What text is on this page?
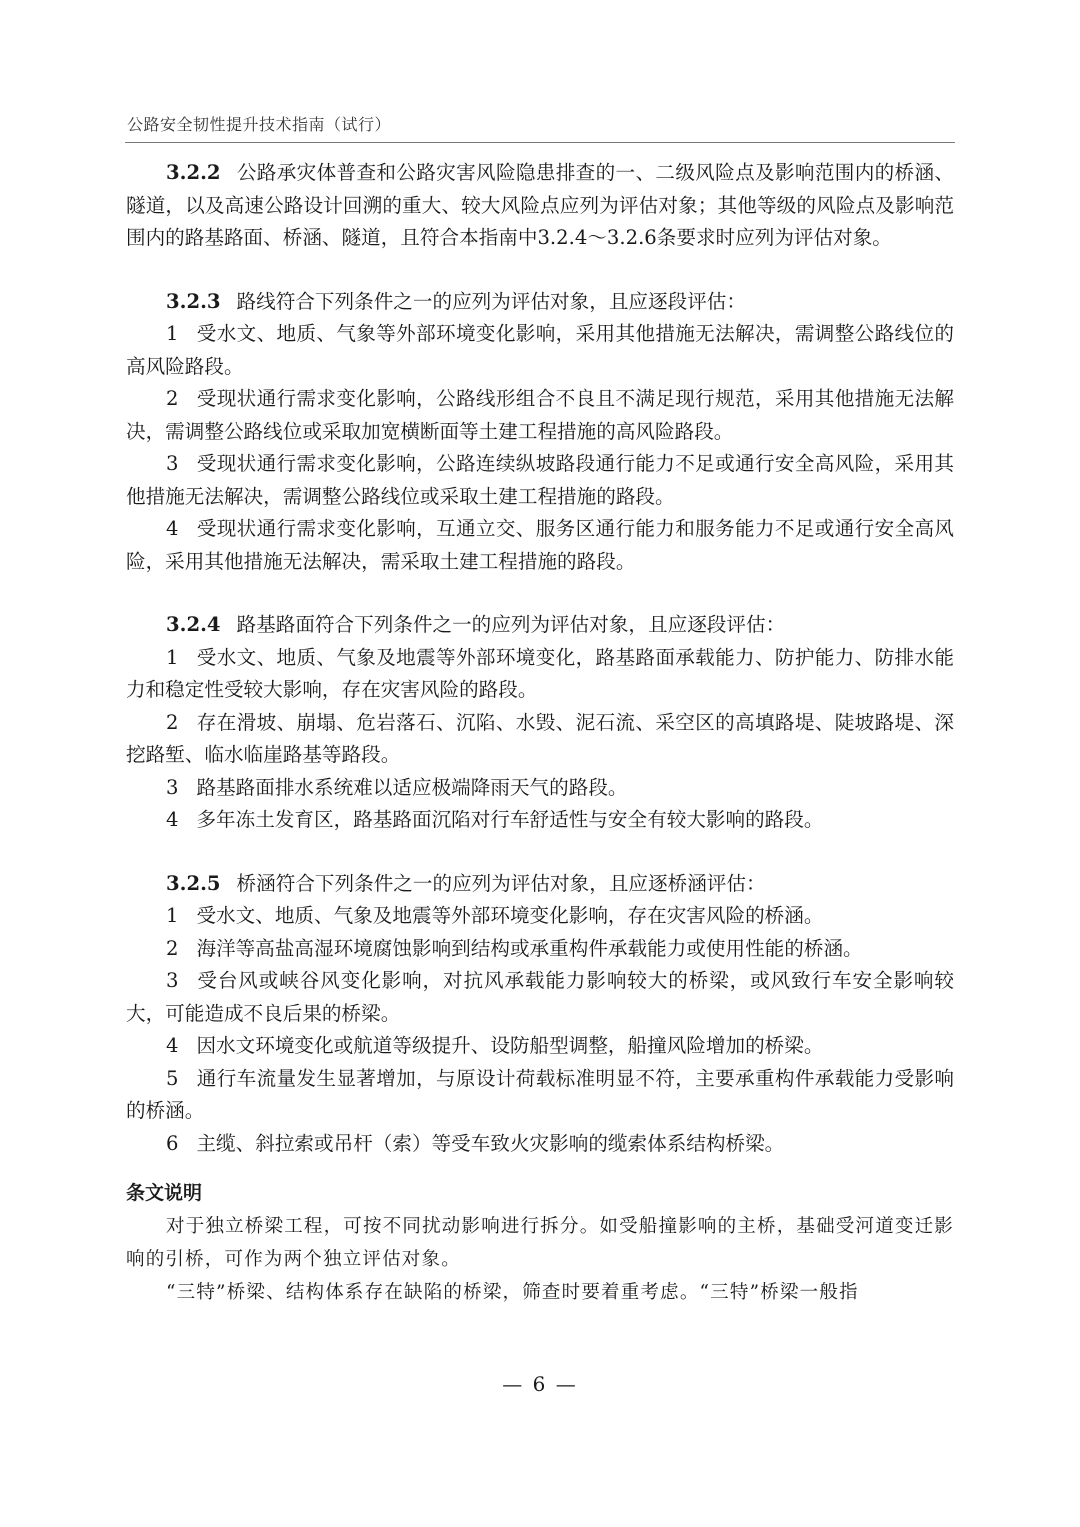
公路安全韧性提升技术指南（试行）

3.2.2 公路承灾体普查和公路灾害风险隐患排查的一、二级风险点及影响范围内的桥涵、隧道，以及高速公路设计回溯的重大、较大风险点应列为评估对象；其他等级的风险点及影响范围内的路基路面、桥涵、隧道，且符合本指南中3.2.4～3.2.6条要求时应列为评估对象。

3.2.3 路线符合下列条件之一的应列为评估对象，且应逐段评估：

1 受水文、地质、气象等外部环境变化影响，采用其他措施无法解决，需调整公路线位的高风险路段。

2 受现状通行需求变化影响，公路线形组合不良且不满足现行规范，采用其他措施无法解决，需调整公路线位或采取加宽横断面等土建工程措施的高风险路段。

3 受现状通行需求变化影响，公路连续纵坡路段通行能力不足或通行安全高风险，采用其他措施无法解决，需调整公路线位或采取土建工程措施的路段。

4 受现状通行需求变化影响，互通立交、服务区通行能力和服务能力不足或通行安全高风险，采用其他措施无法解决，需采取土建工程措施的路段。

3.2.4 路基路面符合下列条件之一的应列为评估对象，且应逐段评估：

1 受水文、地质、气象及地震等外部环境变化，路基路面承载能力、防护能力、防排水能力和稳定性受较大影响，存在灾害风险的路段。

2 存在滑坡、崩塌、危岩落石、沉陷、水毁、泥石流、采空区的高填路堤、陡坡路堤、深挖路堑、临水临崖路基等路段。

3 路基路面排水系统难以适应极端降雨天气的路段。

4 多年冻土发育区，路基路面沉陷对行车舒适性与安全有较大影响的路段。

3.2.5 桥涵符合下列条件之一的应列为评估对象，且应逐桥涵评估：

1 受水文、地质、气象及地震等外部环境变化影响，存在灾害风险的桥涵。

2 海洋等高盐高湿环境腐蚀影响到结构或承重构件承载能力或使用性能的桥涵。

3 受台风或峡谷风变化影响，对抗风承载能力影响较大的桥梁，或风致行车安全影响较大，可能造成不良后果的桥梁。

4 因水文环境变化或航道等级提升、设防船型调整，船撞风险增加的桥梁。

5 通行车流量发生显著增加，与原设计荷载标准明显不符，主要承重构件承载能力受影响的桥涵。

6 主缆、斜拉索或吊杆（索）等受车致火灾影响的缆索体系结构桥梁。

条文说明

对于独立桥梁工程，可按不同扰动影响进行拆分。如受船撞影响的主桥，基础受河道变迁影响的引桥，可作为两个独立评估对象。

“三特”桥梁、结构体系存在缺陷的桥梁，筛查时要着重考虑。“三特”桥梁一般指

— 6 —
